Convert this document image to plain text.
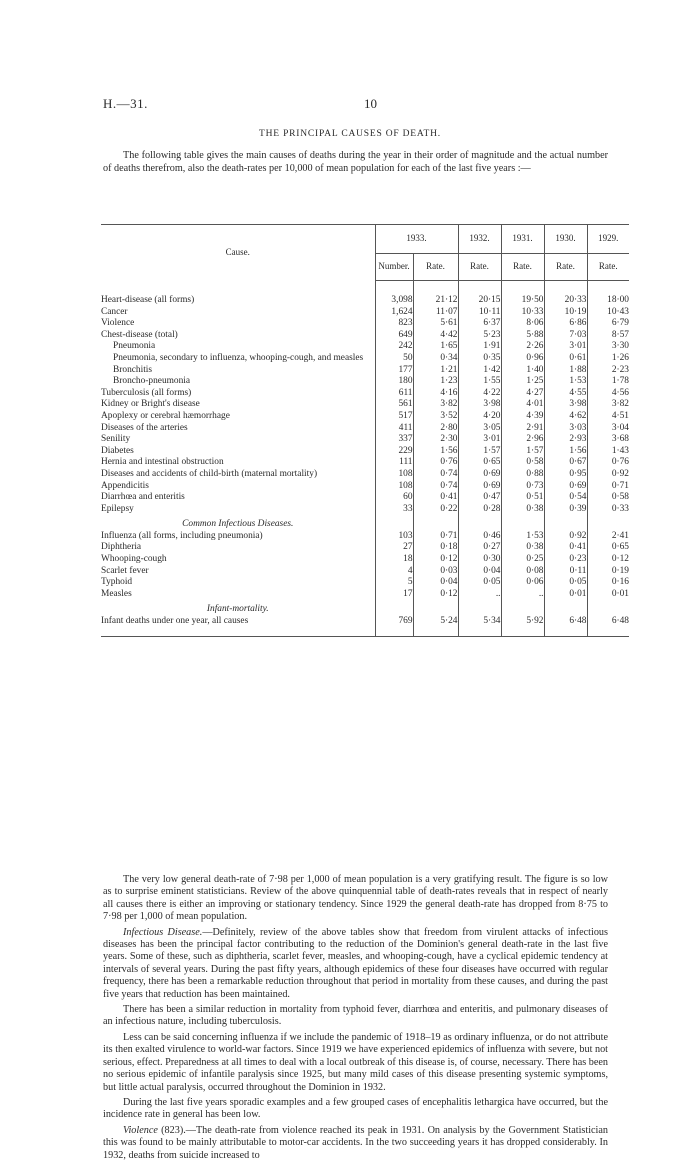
H.—31.	10
THE PRINCIPAL CAUSES OF DEATH.
The following table gives the main causes of deaths during the year in their order of magnitude and the actual number of deaths therefrom, also the death-rates per 10,000 of mean population for each of the last five years :—
Cause.	1933.		1932.	1931.	1930.	1929.
	Number.	Rate.	Rate.	Rate.	Rate.	Rate.

Heart-disease (all forms)	3,098	21·12	20·15	19·50	20·33	18·00
Cancer	1,624	11·07	10·11	10·33	10·19	10·43
Violence	823	5·61	6·37	8·06	6·86	6·79
Chest-disease (total)	649	4·42	5·23	5·88	7·03	8·57
Pneumonia	242	1·65	1·91	2·26	3·01	3·30
Pneumonia, secondary to influenza, whooping-cough, and measles	50	0·34	0·35	0·96	0·61	1·26
Bronchitis	177	1·21	1·42	1·40	1·88	2·23
Broncho-pneumonia	180	1·23	1·55	1·25	1·53	1·78
Tuberculosis (all forms)	611	4·16	4·22	4·27	4·55	4·56
Kidney or Bright's disease	561	3·82	3·98	4·01	3·98	3·82
Apoplexy or cerebral hæmorrhage	517	3·52	4·20	4·39	4·62	4·51
Diseases of the arteries	411	2·80	3·05	2·91	3·03	3·04
Senility	337	2·30	3·01	2·96	2·93	3·68
Diabetes	229	1·56	1·57	1·57	1·56	1·43
Hernia and intestinal obstruction	111	0·76	0·65	0·58	0·67	0·76
Diseases and accidents of child-birth (maternal mortality)	108	0·74	0·69	0·88	0·95	0·92
Appendicitis	108	0·74	0·69	0·73	0·69	0·71
Diarrhœa and enteritis	60	0·41	0·47	0·51	0·54	0·58
Epilepsy	33	0·22	0·28	0·38	0·39	0·33
Common Infectious Diseases.						
Influenza (all forms, including pneumonia)	103	0·71	0·46	1·53	0·92	2·41
Diphtheria	27	0·18	0·27	0·38	0·41	0·65
Whooping-cough	18	0·12	0·30	0·25	0·23	0·12
Scarlet fever	4	0·03	0·04	0·08	0·11	0·19
Typhoid	5	0·04	0·05	0·06	0·05	0·16
Measles	17	0·12	..	..	0·01	0·01
Infant-mortality.						
Infant deaths under one year, all causes	769	5·24	5·34	5·92	6·48	6·48

The very low general death-rate of 7·98 per 1,000 of mean population is a very gratifying result. The figure is so low as to surprise eminent statisticians. Review of the above quinquennial table of death-rates reveals that in respect of nearly all causes there is either an improving or stationary tendency. Since 1929 the general death-rate has dropped from 8·75 to 7·98 per 1,000 of mean population.

Infectious Disease.—Definitely, review of the above tables show that freedom from virulent attacks of infectious diseases has been the principal factor contributing to the reduction of the Dominion's general death-rate in the last five years. Some of these, such as diphtheria, scarlet fever, measles, and whooping-cough, have a cyclical epidemic tendency at intervals of several years. During the past fifty years, although epidemics of these four diseases have occurred with regular frequency, there has been a remarkable reduction throughout that period in mortality from these causes, and during the past five years that reduction has been maintained.

There has been a similar reduction in mortality from typhoid fever, diarrhœa and enteritis, and pulmonary diseases of an infectious nature, including tuberculosis.

Less can be said concerning influenza if we include the pandemic of 1918–19 as ordinary influenza, or do not attribute its then exalted virulence to world-war factors. Since 1919 we have experienced epidemics of influenza with severe, but not serious, effect. Preparedness at all times to deal with a local outbreak of this disease is, of course, necessary. There has been no serious epidemic of infantile paralysis since 1925, but many mild cases of this disease presenting systemic symptoms, but little actual paralysis, occurred throughout the Dominion in 1932.

During the last five years sporadic examples and a few grouped cases of encephalitis lethargica have occurred, but the incidence rate in general has been low.

Violence (823).—The death-rate from violence reached its peak in 1931. On analysis by the Government Statistician this was found to be mainly attributable to motor-car accidents. In the two succeeding years it has dropped considerably. In 1932, deaths from suicide increased to
